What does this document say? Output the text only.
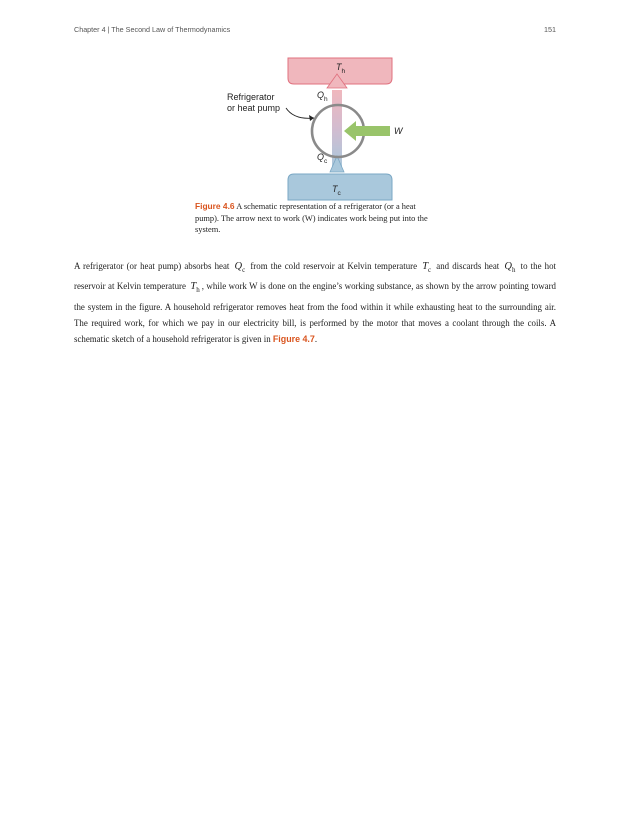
Chapter 4 | The Second Law of Thermodynamics	151
$T_h$
$T_c$
$Q_h$
$Q_c$
W
Refrigerator
or heat pump
Figure 4.6 A schematic representation of a refrigerator (or a heat pump). The arrow next to work (W) indicates work being put into the system.
A refrigerator (or heat pump) absorbs heat $Q_c$ from the cold reservoir at Kelvin temperature $T_c$ and discards heat $Q_h$ to the hot reservoir at Kelvin temperature $T_h$ , while work W is done on the engine’s working substance, as shown by the arrow pointing toward the system in the figure. A household refrigerator removes heat from the food within it while exhausting heat to the surrounding air. The required work, for which we pay in our electricity bill, is performed by the motor that moves a coolant through the coils. A schematic sketch of a household refrigerator is given in Figure 4.7.
